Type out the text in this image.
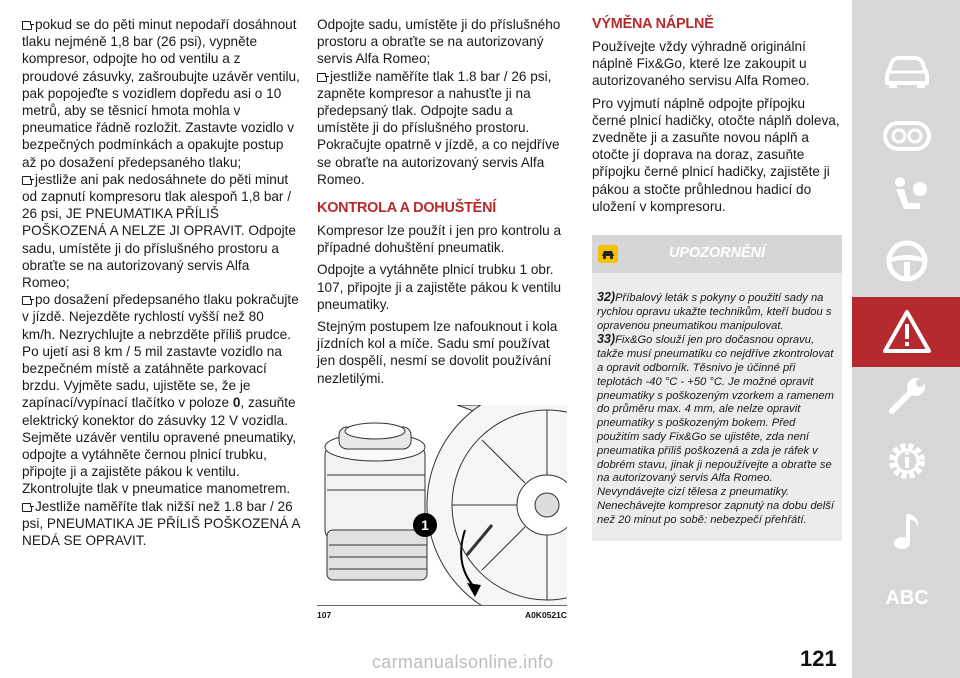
pokud se do pěti minut nepodaří dosáhnout tlaku nejméně 1,8 bar (26 psi), vypněte kompresor, odpojte ho od ventilu a z proudové zásuvky, zašroubujte uzávěr ventilu, pak popojeďte s vozidlem dopředu asi o 10 metrů, aby se těsnicí hmota mohla v pneumatice řádně rozložit. Zastavte vozidlo v bezpečných podmínkách a opakujte postup až po dosažení předepsaného tlaku;

jestliže ani pak nedosáhnete do pěti minut od zapnutí kompresoru tlak alespoň 1,8 bar / 26 psi, JE PNEUMATIKA PŘÍLIŠ POŠKOZENÁ A NELZE JI OPRAVIT. Odpojte sadu, umístěte ji do příslušného prostoru a obraťte se na autorizovaný servis Alfa Romeo;

po dosažení předepsaného tlaku pokračujte v jízdě. Nejezděte rychlostí vyšší než 80 km/h. Nezrychlujte a nebrzděte příliš prudce. Po ujetí asi 8 km / 5 mil zastavte vozidlo na bezpečném místě a zatáhněte parkovací brzdu. Vyjměte sadu, ujistěte se, že je zapínací/vypínací tlačítko v poloze 0, zasuňte elektrický konektor do zásuvky 12 V vozidla. Sejměte uzávěr ventilu opravené pneumatiky, odpojte a vytáhněte černou plnicí trubku, připojte ji a zajistěte pákou k ventilu. Zkontrolujte tlak v pneumatice manometrem.

Jestliže naměříte tlak nižší než 1.8 bar / 26 psi, PNEUMATIKA JE PŘÍLIŠ POŠKOZENÁ A NEDÁ SE OPRAVIT.

Odpojte sadu, umístěte ji do příslušného prostoru a obraťte se na autorizovaný servis Alfa Romeo;

jestliže naměříte tlak 1.8 bar / 26 psi, zapněte kompresor a nahusťte ji na předepsaný tlak. Odpojte sadu a umístěte ji do příslušného prostoru. Pokračujte opatrně v jízdě, a co nejdříve se obraťte na autorizovaný servis Alfa Romeo.

KONTROLA A DOHUŠTĚNÍ

Kompresor lze použít i jen pro kontrolu a případné dohuštění pneumatik.

Odpojte a vytáhněte plnicí trubku 1 obr. 107, připojte ji a zajistěte pákou k ventilu pneumatiky.

Stejným postupem lze nafouknout i kola jízdních kol a míče. Sadu smí používat jen dospělí, nesmí se dovolit používání nezletilými.

1
107	A0K0521C
VÝMĚNA NÁPLNĚ

Používejte vždy výhradně originální náplně Fix&Go, které lze zakoupit u autorizovaného servisu Alfa Romeo.

Pro vyjmutí náplně odpojte přípojku černé plnicí hadičky, otočte náplň doleva, zvedněte ji a zasuňte novou náplň a otočte jí doprava na doraz, zasuňte přípojku černé plnicí hadičky, zajistěte ji pákou a stočte průhlednou hadicí do uložení v kompresoru.

UPOZORNĚNÍ
32)Příbalový leták s pokyny o použití sady na rychlou opravu ukažte technikům, kteří budou s opravenou pneumatikou manipulovat.
33)Fix&Go slouží jen pro dočasnou opravu, takže musí pneumatiku co nejdříve zkontrolovat a opravit odborník. Těsnivo je účinné při teplotách -40 °C - +50 °C. Je možné opravit pneumatiky s poškozeným vzorkem a ramenem do průměru max. 4 mm, ale nelze opravit pneumatiky s poškozeným bokem. Před použitím sady Fix&Go se ujistěte, zda není pneumatika příliš poškozená a zda je ráfek v dobrém stavu, jinak ji nepoužívejte a obraťte se na autorizovaný servis Alfa Romeo. Nevyndávejte cizí tělesa z pneumatiky. Nenechávejte kompresor zapnutý na dobu delší než 20 minut po sobě: nebezpečí přehřátí.
ABC
carmanualsonline.info	121
